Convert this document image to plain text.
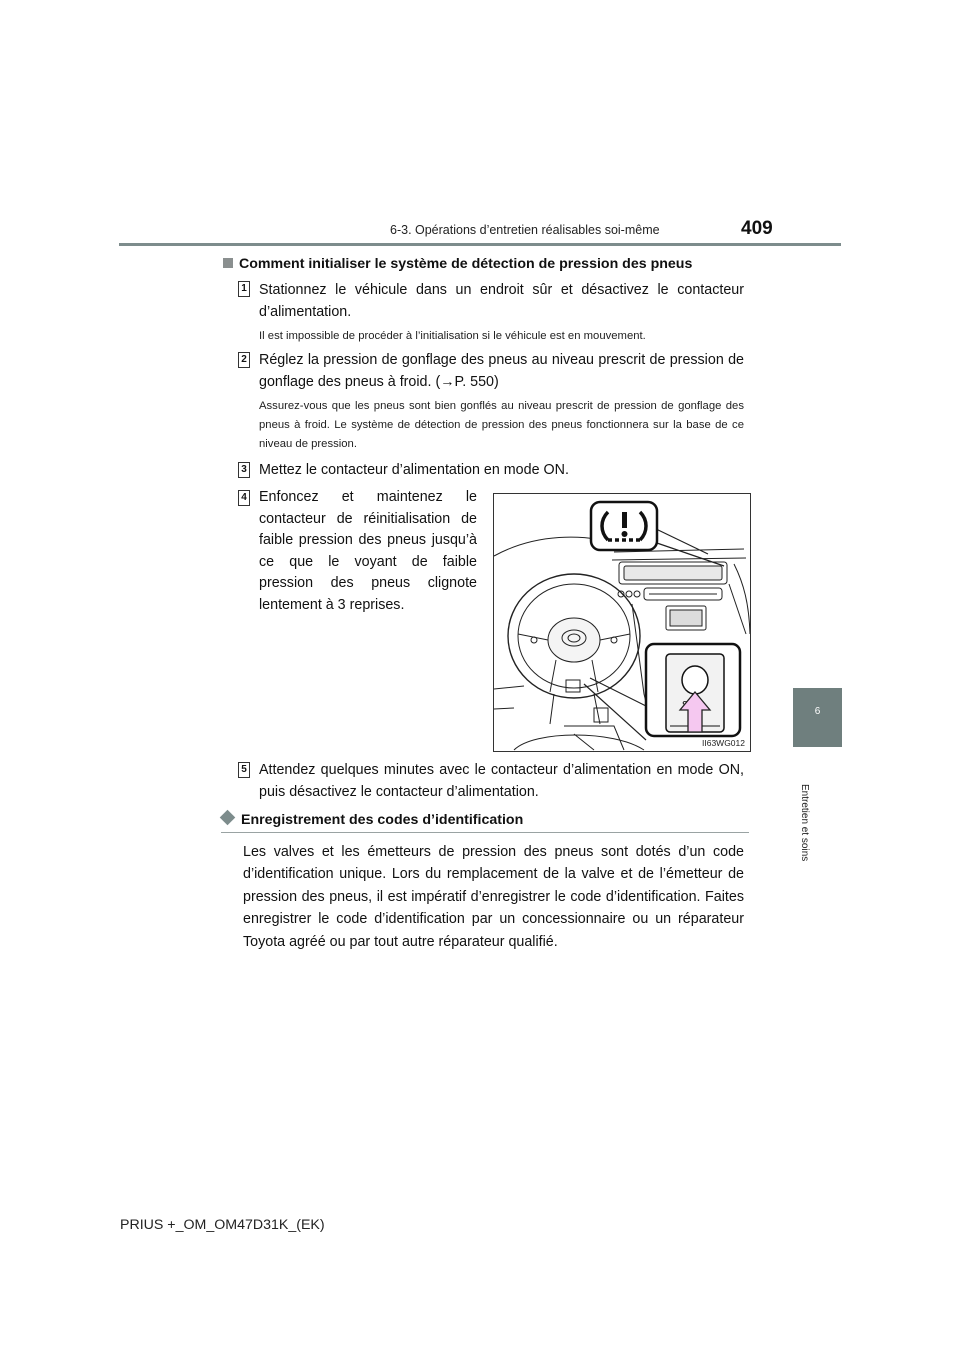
6-3. Opérations d’entretien réalisables soi-même	409
6
Entretien et soins
Comment initialiser le système de détection de pression des pneus
1 Stationnez le véhicule dans un endroit sûr et désactivez le contacteur d’alimentation.
Il est impossible de procéder à l’initialisation si le véhicule est en mouvement.
2 Réglez la pression de gonflage des pneus au niveau prescrit de pression de gonflage des pneus à froid. (→P. 550)
Assurez-vous que les pneus sont bien gonflés au niveau prescrit de pression de gonflage des pneus à froid. Le système de détection de pression des pneus fonctionnera sur la base de ce niveau de pression.
3 Mettez le contacteur d’alimentation en mode ON.
4 Enfoncez et maintenez le contacteur de réinitialisation de faible pression des pneus jusqu’à ce que le voyant de faible pression des pneus clignote lentement à 3 reprises.
II63WG012
5 Attendez quelques minutes avec le contacteur d’alimentation en mode ON, puis désactivez le contacteur d’alimentation.
Enregistrement des codes d’identification
Les valves et les émetteurs de pression des pneus sont dotés d’un code d’identification unique. Lors du remplacement de la valve et de l’émetteur de pression des pneus, il est impératif d’enregistrer le code d’identification. Faites enregistrer le code d’identification par un concessionnaire ou un réparateur Toyota agréé ou par tout autre réparateur qualifié.
PRIUS +_OM_OM47D31K_(EK)
